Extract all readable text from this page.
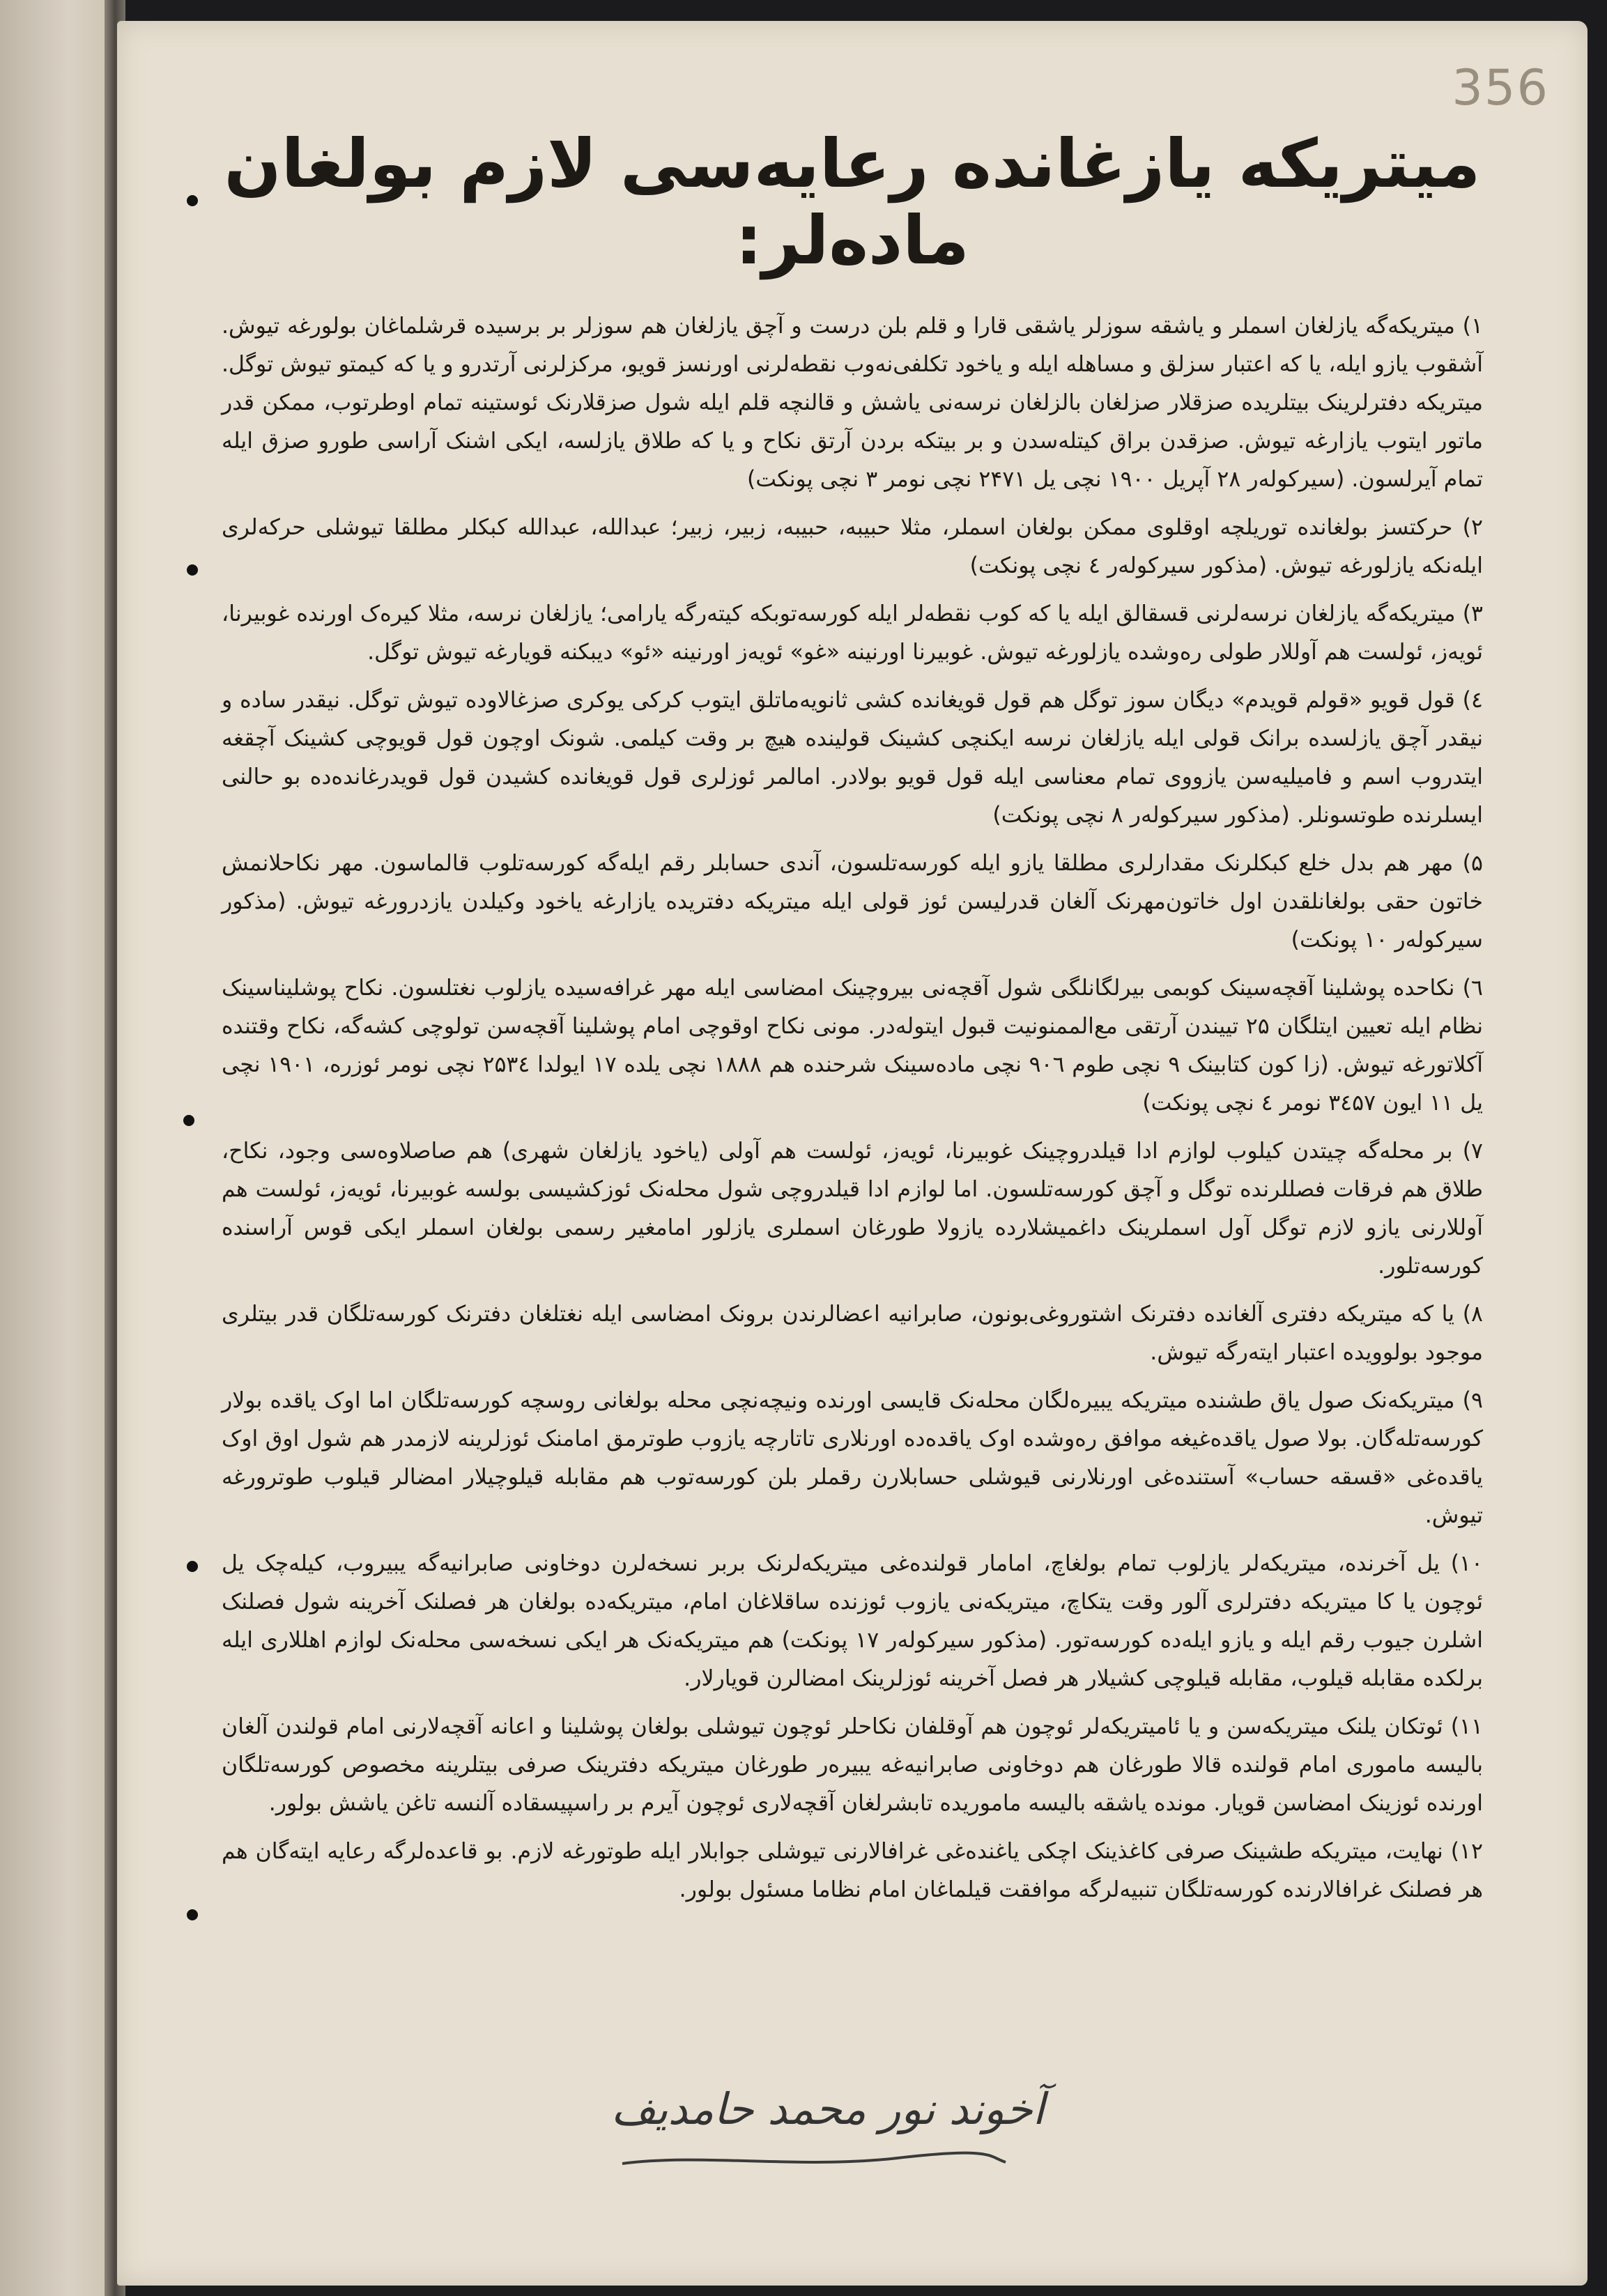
356
میتریکه یازغانده رعایه‌سی لازم بولغان ماده‌لر:

۱) میتریکه‌گه یازلغان اسملر و یاشقه سوزلر یاشقی قارا و قلم بلن درست و آچق یازلغان هم سوزلر بر برسیده قرشلماغان بولورغه تیوش. آشقوب یازو ایله، یا که اعتبار سزلق و مساهله ایله و یاخود تکلفی‌نه‌وب نقطه‌لرنی اورنسز قویو، مرکزلرنی آرتدرو و یا که کیمتو تیوش توگل. میتریکه دفترلرینک بیتلریده صزقلار صزلغان بالزلغان نرسه‌نی یاشش و قالنچه قلم ایله شول صزقلارنک ئوستینه تمام اوطرتوب، ممکن قدر ماتور ایتوب یازارغه تیوش. صزقدن براق کیتله‌سدن و بر بیتکه بردن آرتق نکاح و یا که طلاق یازلسه، ایکی اشنک آراسی طورو صزق ایله تمام آیرلسون. (سیرکوله‌ر ۲۸ آپریل ۱۹۰۰ نچی یل ۲۴۷۱ نچی نومر ۳ نچی پونکت)

۲) حرکتسز بولغانده توریلچه اوقلوی ممکن بولغان اسملر، مثلا حبیبه، حبیبه، زبیر، زبیر؛ عبدالله، عبدالله کبکلر مطلقا تیوشلی حرکه‌لری ایله‌نکه یازلورغه تیوش. (مذکور سیرکوله‌ر ٤ نچی پونکت)

۳) میتریکه‌گه یازلغان نرسه‌لرنی قسقالق ایله یا که کوب نقطه‌لر ایله کورسه‌توبکه کیته‌رگه یارامی؛ یازلغان نرسه، مثلا کیره‌ک اورنده غوبیرنا، ئویه‌ز، ئولست هم آوللار طولی ره‌وشده یازلورغه تیوش. غوبیرنا اورنینه «غو» ئویه‌ز اورنینه «ئو» دیبکنه قویارغه تیوش توگل.

٤) قول قویو «قولم قویدم» دیگان سوز توگل هم قول قویغانده کشی ثانویه‌ماتلق ایتوب کرکی یوکری صزغالاوده تیوش توگل. نیقدر ساده و نیقدر آچق یازلسده برانک قولی ایله یازلغان نرسه ایکنچی کشینک قولینده هیچ بر وقت کیلمی. شونک اوچون قول قویوچی کشینک آچقغه ایتدروب اسم و فامیلیه‌سن یازووی تمام معناسی ایله قول قویو بولادر. امالمر ئوزلری قول قویغانده کشیدن قول قویدرغانده‌ده بو حالنی ایسلرنده طوتسونلر. (مذکور سیرکوله‌ر ۸ نچی پونکت)

۵) مهر هم بدل خلع کبکلرنک مقدارلری مطلقا یازو ایله کورسه‌تلسون، آندی حسابلر رقم ایله‌گه کورسه‌تلوب قالماسون. مهر نکاحلانمش خاتون حقی بولغانلقدن اول خاتون‌مهرنک آلغان قدرلیسن ئوز قولی ایله میتریکه دفتریده یازارغه یاخود وکیلدن یازدرورغه تیوش. (مذکور سیرکوله‌ر ۱۰ پونکت)

٦) نکاحده پوشلینا آقچه‌سینک کوبمی بیرلگانلگی شول آقچه‌نی بیروچینک امضاسی ایله مهر غرافه‌سیده یازلوب نغتلسون. نکاح پوشلیناسینک نظام ایله تعیین ایتلگان ۲۵ تییندن آرتقی مع‌الممنونیت قبول ایتوله‌در. مونی نکاح اوقوچی امام پوشلینا آقچه‌سن تولوچی کشه‌گه، نکاح وقتنده آکلاتورغه تیوش. (زا کون کتابینک ۹ نچی طوم ۹۰٦ نچی ماده‌سینک شرحنده هم ۱۸۸۸ نچی یلده ۱۷ ایولدا ۲۵۳٤ نچی نومر ئوزره، ۱۹۰۱ نچی یل ۱۱ ایون ۳٤۵۷ نومر ٤ نچی پونکت)

۷) بر محله‌گه چیتدن کیلوب لوازم ادا قیلدروچینک غوبیرنا، ئویه‌ز، ئولست هم آولی (یاخود یازلغان شهری) هم صاصلاوه‌سی وجود، نکاح، طلاق هم فرقات فصللرنده توگل و آچق کورسه‌تلسون. اما لوازم ادا قیلدروچی شول محله‌نک ئوزکشیسی بولسه غوبیرنا، ئویه‌ز، ئولست هم آوللارنی یازو لازم توگل آول اسملرینک داغمیشلارده یازولا طورغان اسملری یازلور امامغیر رسمی بولغان اسملر ایکی قوس آراسنده کورسه‌تلور.

۸) یا که میتریکه دفتری آلغانده دفترنک اشتوروغی‌بونون، صابرانیه اعضالرندن برو‌نک امضاسی ایله نغتلغان دفترنک کورسه‌تلگان قدر بیتلری موجود بولوویده اعتبار ایته‌رگه تیوش.

۹) میتریکه‌نک صول یاق طشنده میتریکه یبیره‌لگان محله‌نک قایسی اورنده ونیچه‌نچی محله بولغانی روسچه کورسه‌تلگان اما اوک یاقده بولار کورسه‌تله‌گان. بولا صول یاقده‌غیغه موافق ره‌وشده اوک یاقده‌ده اورنلاری تاتارچه یازوب طوترمق امامنک ئوزلرینه لازمدر هم شول اوق اوک یاقده‌غی «قسقه حساب» آستنده‌غی اورنلارنی قیوشلی حسابلارن رقملر بلن کورسه‌توب هم مقابله قیلوچیلار امضالر قیلوب طوترورغه تیوش.

۱۰) یل آخرنده، میتریکه‌لر یازلوب تمام بولغاچ، امامار قولنده‌غی میتریکه‌لرنک بر‌بر نسخه‌لرن دوخاونی صابرانیه‌گه یبیروب، کیله‌چک یل ئوچون یا کا میتریکه دفترلری آلور وقت یتکاچ، میتریکه‌نی یازوب ئوزنده ساقلاغان امام، میتریکه‌ده بولغان هر فصلنک آخرینه شول فصلنک اشلرن جیوب رقم ایله و یازو ایله‌ده کورسه‌تور. (مذکور سیرکوله‌ر ۱۷ پونکت) هم میتریکه‌نک هر ایکی نسخه‌سی محله‌نک لوازم اهللاری ایله برلکده مقابله قیلوب، مقابله قیلوچی کشیلار هر فصل آخرینه ئوزلرینک امضالرن قویارلار.

۱۱) ئوتکان یلنک میتریکه‌سن و یا ئاميتریکه‌لر ئوچون هم آوقلفان نکاحلر ئوچون تیوشلی بولغان پوشلینا و اعانه آقچه‌لارنی امام قولندن آلغان بالیسه ماموری امام قولنده قالا طورغان هم دوخاونی صابرانیه‌غه یبیره‌ر طورغان میتریکه دفترینک صرفی بیتلرینه مخصوص کورسه‌تلگان اورنده ئوزینک امضاسن قویار. مونده یاشقه بالیسه ماموریده تابشرلغان آقچه‌لاری ئوچون آیرم بر راسپیسقاده آلنسه تاغن یاشش بولور.

۱۲) نهایت، میتریکه طشینک صرفی کاغذینک اچکی یاغنده‌غی غرافالارنی تیوشلی جوابلار ایله طوتورغه لازم. بو قاعده‌لرگه رعایه ایته‌گان هم هر فصلنک غرافالارنده کورسه‌تلگان تنبیه‌لرگه موافقت قیلماغان امام نظاما مسئول بولور.

آخوند نور محمد حامدیف
